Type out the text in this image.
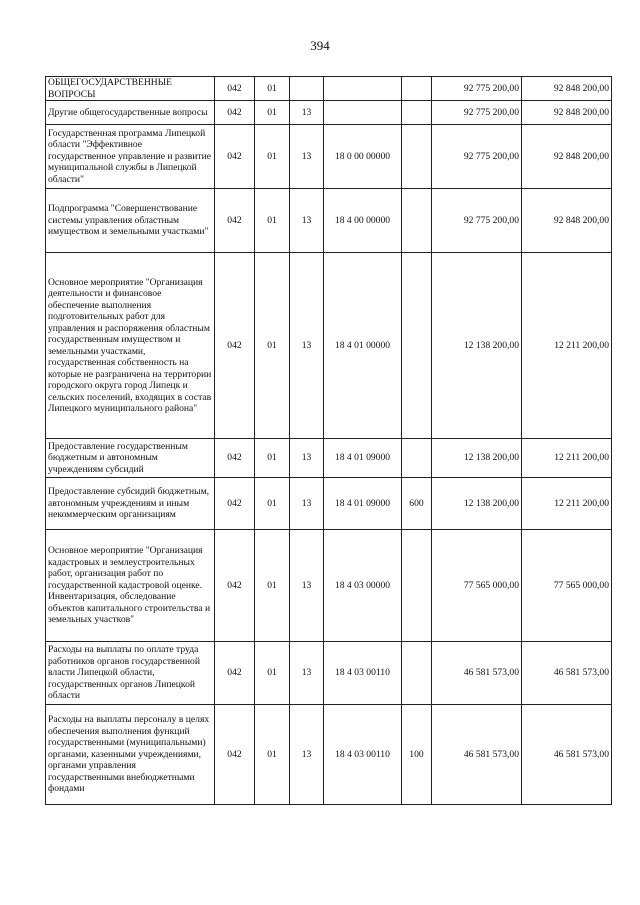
394
ОБЩЕГОСУДАРСТВЕННЫЕ ВОПРОСЫ	042	01				92 775 200,00	92 848 200,00
Другие общегосударственные вопросы	042	01	13			92 775 200,00	92 848 200,00
Государственная программа Липецкой области "Эффективное государственное управление и развитие муниципальной службы в Липецкой области"	042	01	13	18 0 00 00000		92 775 200,00	92 848 200,00
Подпрограмма "Совершенствование системы управления областным имуществом и земельными участками"	042	01	13	18 4 00 00000		92 775 200,00	92 848 200,00
Основное мероприятие "Организация деятельности и финансовое обеспечение выполнения подготовительных работ для управления и распоряжения областным государственным имуществом и земельными участками, государственная собственность на которые не разграничена на территории городского округа город Липецк и сельских поселений, входящих в состав Липецкого муниципального района"	042	01	13	18 4 01 00000		12 138 200,00	12 211 200,00
Предоставление государственным бюджетным и автономным учреждениям субсидий	042	01	13	18 4 01 09000		12 138 200,00	12 211 200,00
Предоставление субсидий бюджетным, автономным учреждениям и иным некоммерческим организациям	042	01	13	18 4 01 09000	600	12 138 200,00	12 211 200,00
Основное мероприятие "Организация кадастровых и землеустроительных работ, организация работ по государственной кадастровой оценке. Инвентаризация, обследование объектов капитального строительства и земельных участков"	042	01	13	18 4 03 00000		77 565 000,00	77 565 000,00
Расходы на выплаты по оплате труда работников органов государственной власти Липецкой области, государственных органов Липецкой области	042	01	13	18 4 03 00110		46 581 573,00	46 581 573,00
Расходы на выплаты персоналу в целях обеспечения выполнения функций государственными (муниципальными) органами, казенными учреждениями, органами управления государственными внебюджетными фондами	042	01	13	18 4 03 00110	100	46 581 573,00	46 581 573,00
